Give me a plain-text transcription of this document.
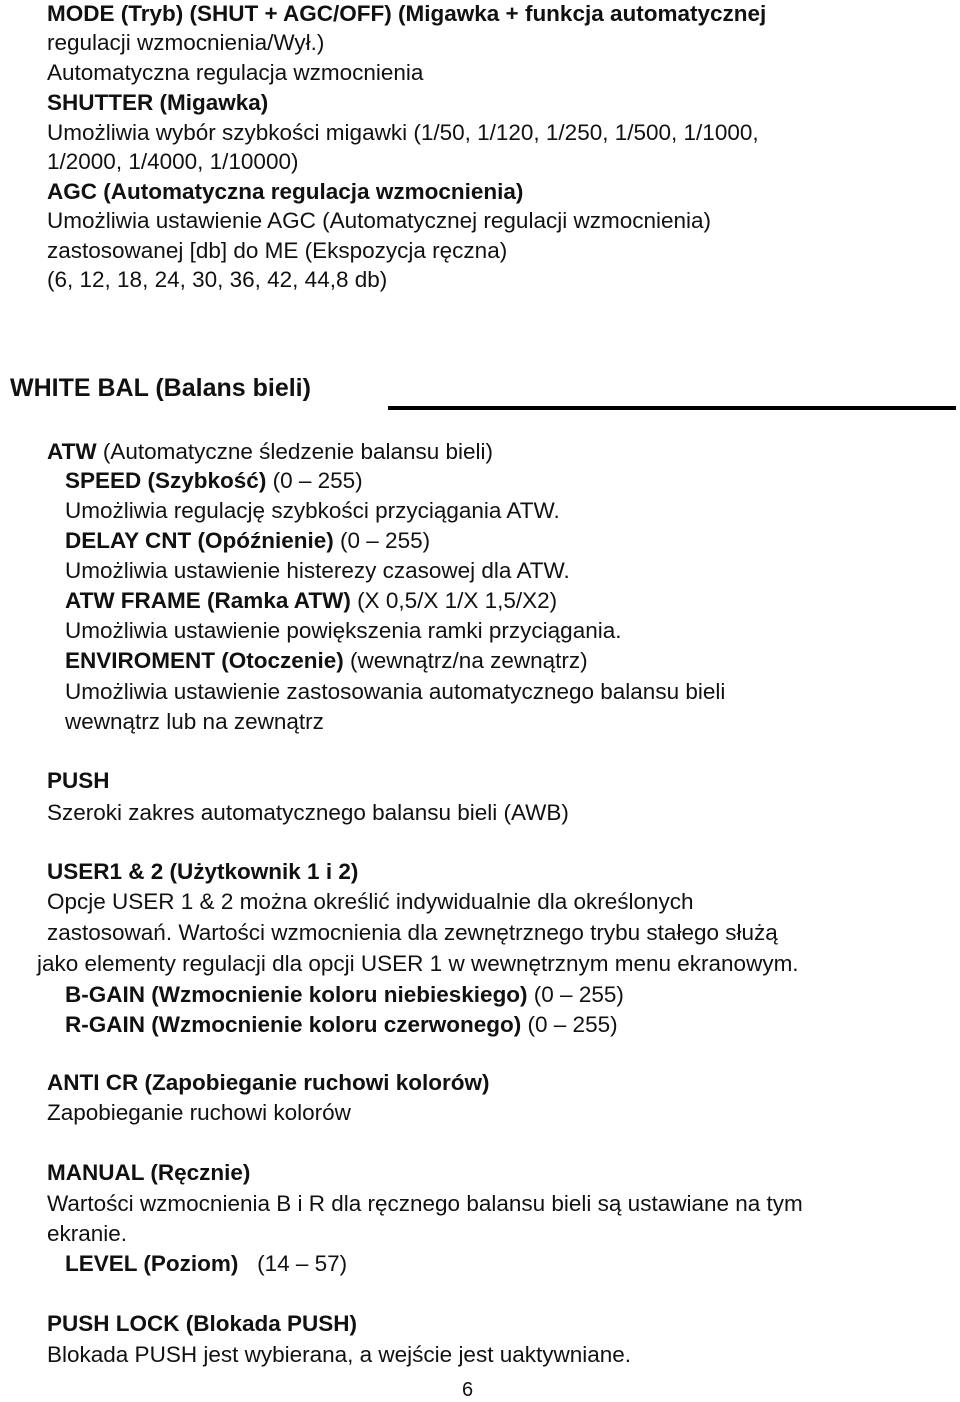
MODE (Tryb) (SHUT + AGC/OFF) (Migawka + funkcja automatycznej
regulacji wzmocnienia/Wył.)
Automatyczna regulacja wzmocnienia
SHUTTER (Migawka)
Umożliwia wybór szybkości migawki (1/50, 1/120, 1/250, 1/500, 1/1000,
1/2000, 1/4000, 1/10000)
AGC (Automatyczna regulacja wzmocnienia)
Umożliwia ustawienie AGC (Automatycznej regulacji wzmocnienia)
zastosowanej [db] do ME (Ekspozycja ręczna)
(6, 12, 18, 24, 30, 36, 42, 44,8 db)
WHITE BAL (Balans bieli)
ATW (Automatyczne śledzenie balansu bieli)
SPEED (Szybkość) (0 – 255)
Umożliwia regulację szybkości przyciągania ATW.
DELAY CNT (Opóźnienie) (0 – 255)
Umożliwia ustawienie histerezy czasowej dla ATW.
ATW FRAME (Ramka ATW) (X 0,5/X 1/X 1,5/X2)
Umożliwia ustawienie powiększenia ramki przyciągania.
ENVIROMENT (Otoczenie) (wewnątrz/na zewnątrz)
Umożliwia ustawienie zastosowania automatycznego balansu bieli
wewnątrz lub na zewnątrz
PUSH
Szeroki zakres automatycznego balansu bieli (AWB)
USER1 & 2 (Użytkownik 1 i 2)
Opcje USER 1 & 2 można określić indywidualnie dla określonych
zastosowań. Wartości wzmocnienia dla zewnętrznego trybu stałego służą
jako elementy regulacji dla opcji USER 1 w wewnętrznym menu ekranowym.
B-GAIN (Wzmocnienie koloru niebieskiego) (0 – 255)
R-GAIN (Wzmocnienie koloru czerwonego) (0 – 255)
ANTI CR (Zapobieganie ruchowi kolorów)
Zapobieganie ruchowi kolorów
MANUAL (Ręcznie)
Wartości wzmocnienia B i R dla ręcznego balansu bieli są ustawiane na tym
ekranie.
LEVEL (Poziom)   (14 – 57)
PUSH LOCK (Blokada PUSH)
Blokada PUSH jest wybierana, a wejście jest uaktywniane.
6
